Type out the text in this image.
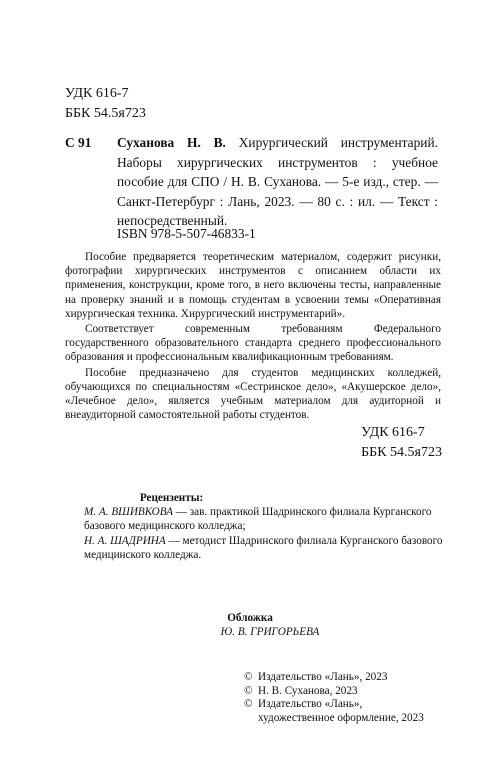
УДК 616-7
ББК 54.5я723
С 91 Суханова Н. В. Хирургический инструментарий. Наборы хирургических инструментов : учебное пособие для СПО / Н. В. Суханова. — 5-е изд., стер. — Санкт-Петербург : Лань, 2023. — 80 с. : ил. — Текст : непосредственный.
ISBN 978-5-507-46833-1

Пособие предваряется теоретическим материалом, содержит рисунки, фотографии хирургических инструментов с описанием области их применения, конструкции, кроме того, в него включены тесты, направленные на проверку знаний и в помощь студентам в усвоении темы «Оперативная хирургическая техника. Хирургический инструментарий».

Соответствует современным требованиям Федерального государственного образовательного стандарта среднего профессионального образования и профессиональным квалификационным требованиям.

Пособие предназначено для студентов медицинских колледжей, обучающихся по специальностям «Сестринское дело», «Акушерское дело», «Лечебное дело», является учебным материалом для аудиторной и внеаудиторной самостоятельной работы студентов.

УДК 616-7
ББК 54.5я723
Рецензенты:

М. А. ВШИВКОВА — зав. практикой Шадринского филиала Курганского базового медицинского колледжа;

Н. А. ШАДРИНА — методист Шадринского филиала Курганского базового медицинского колледжа.

Обложка
Ю. В. ГРИГОРЬЕВА
© Издательство «Лань», 2023
© Н. В. Суханова, 2023
© Издательство «Лань»,
художественное оформление, 2023
